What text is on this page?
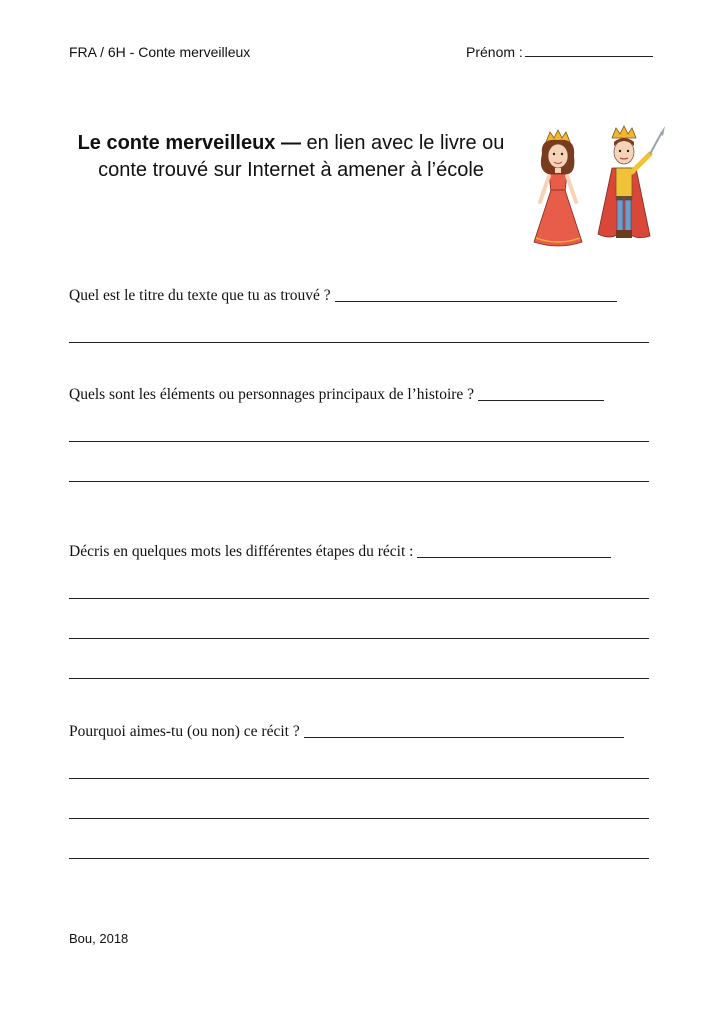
FRA / 6H - Conte merveilleux	Prénom :
Le conte merveilleux — en lien avec le livre ou conte trouvé sur Internet à amener à l’école
Quel est le titre du texte que tu as trouvé ?
Quels sont les éléments ou personnages principaux de l’histoire ?
Décris en quelques mots les différentes étapes du récit :
Pourquoi aimes-tu (ou non) ce récit ?
Bou, 2018
